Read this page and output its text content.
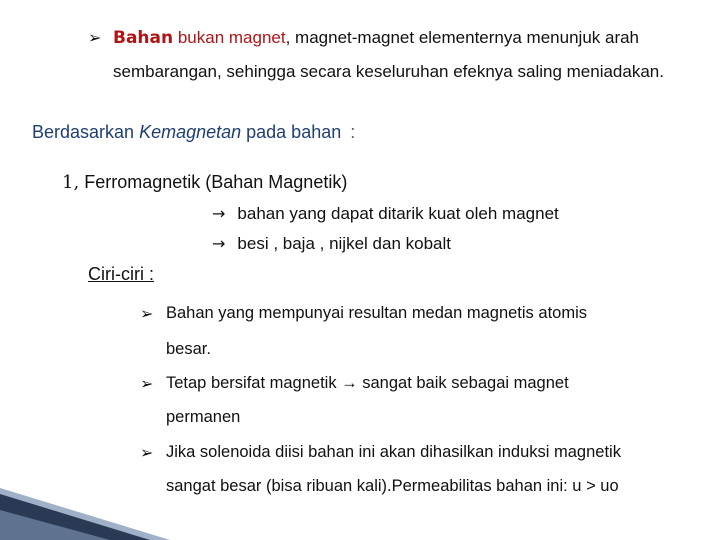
➢ Bahan bukan magnet, magnet-magnet elementernya menunjuk arah
sembarangan, sehingga secara keseluruhan efeknya saling meniadakan.
Berdasarkan Kemagnetan pada bahan :
1, Ferromagnetik (Bahan Magnetik)
→ bahan yang dapat ditarik kuat oleh magnet
→ besi , baja , nijkel dan kobalt
Ciri-ciri :
➢ Bahan yang mempunyai resultan medan magnetis atomis
besar.
➢ Tetap bersifat magnetik → sangat baik sebagai magnet
permanen
➢ Jika solenoida diisi bahan ini akan dihasilkan induksi magnetik
sangat besar (bisa ribuan kali).Permeabilitas bahan ini: u > uo
